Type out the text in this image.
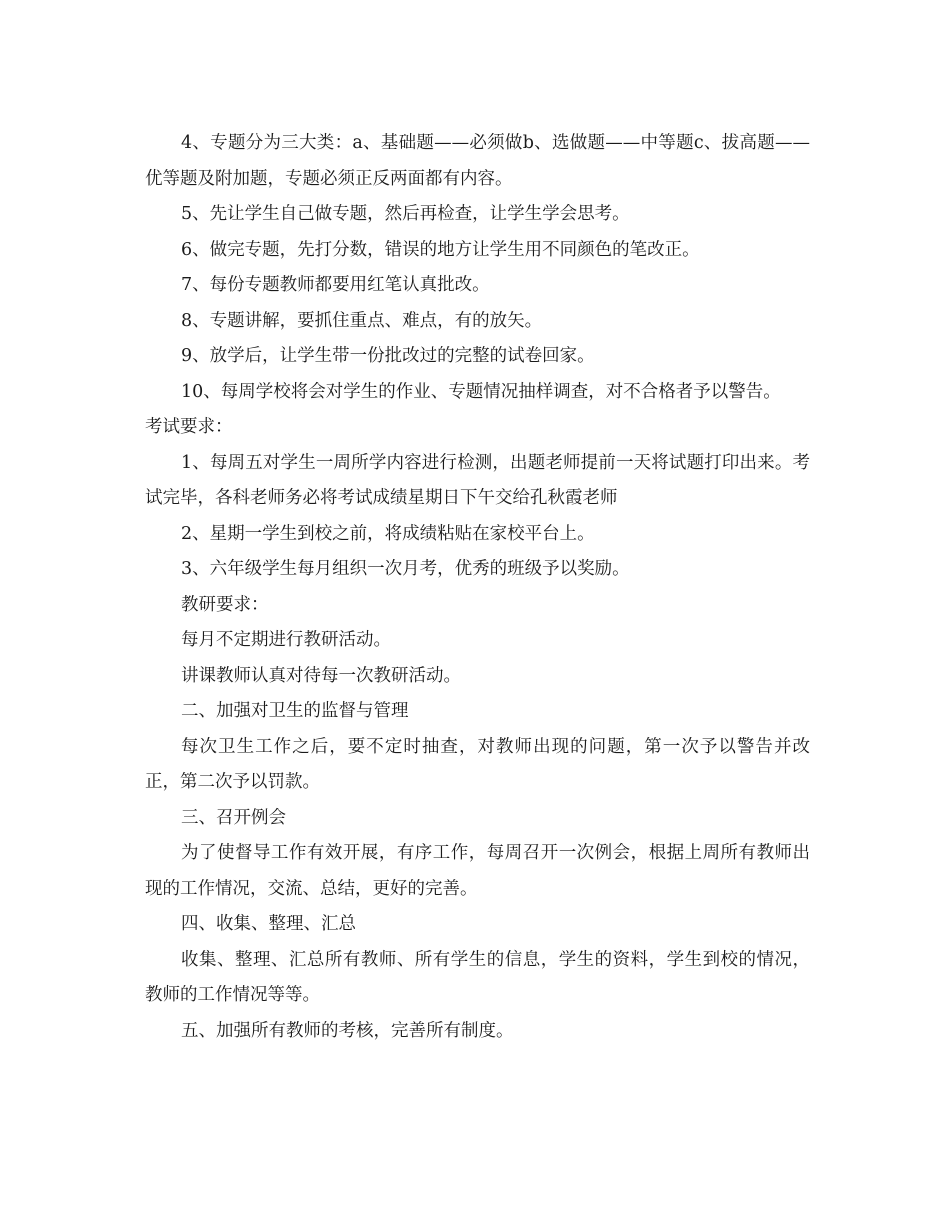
4、专题分为三大类：a、基础题——必须做b、选做题——中等题c、拔高题——优等题及附加题，专题必须正反两面都有内容。

5、先让学生自己做专题，然后再检查，让学生学会思考。

6、做完专题，先打分数，错误的地方让学生用不同颜色的笔改正。

7、每份专题教师都要用红笔认真批改。

8、专题讲解，要抓住重点、难点，有的放矢。

9、放学后，让学生带一份批改过的完整的试卷回家。

10、每周学校将会对学生的作业、专题情况抽样调查，对不合格者予以警告。

考试要求：

1、每周五对学生一周所学内容进行检测，出题老师提前一天将试题打印出来。考试完毕，各科老师务必将考试成绩星期日下午交给孔秋霞老师

2、星期一学生到校之前，将成绩粘贴在家校平台上。

3、六年级学生每月组织一次月考，优秀的班级予以奖励。

教研要求：

每月不定期进行教研活动。

讲课教师认真对待每一次教研活动。

二、加强对卫生的监督与管理

每次卫生工作之后，要不定时抽查，对教师出现的问题，第一次予以警告并改正，第二次予以罚款。

三、召开例会

为了使督导工作有效开展，有序工作，每周召开一次例会，根据上周所有教师出现的工作情况，交流、总结，更好的完善。

四、收集、整理、汇总

收集、整理、汇总所有教师、所有学生的信息，学生的资料，学生到校的情况，教师的工作情况等等。

五、加强所有教师的考核，完善所有制度。
